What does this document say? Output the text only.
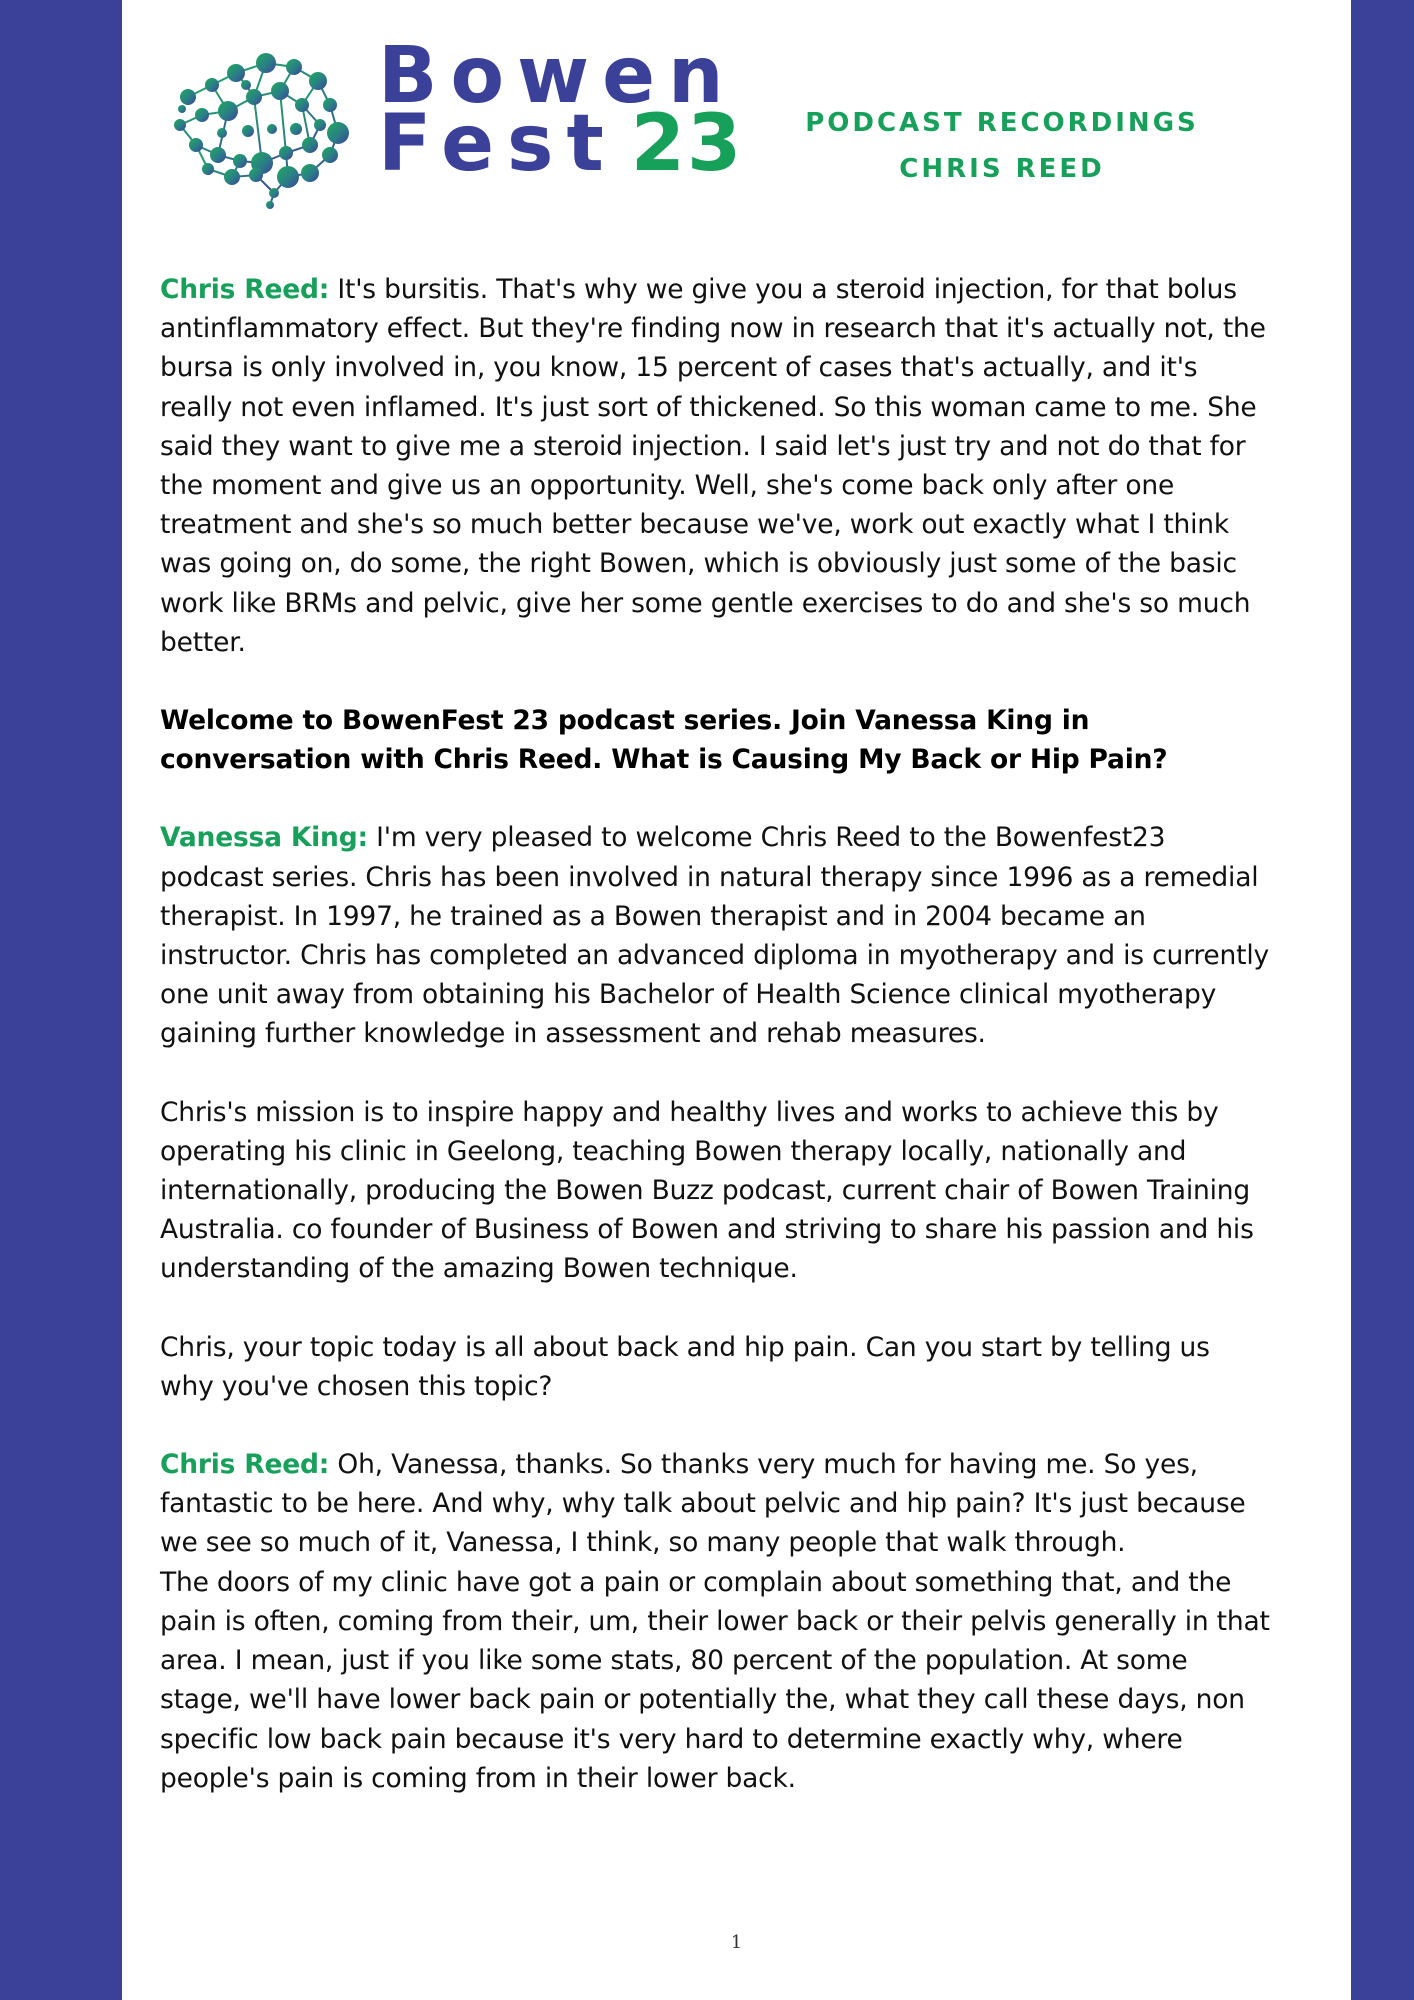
Bowen
Fest 23	PODCAST RECORDINGS
CHRIS REED

Chris Reed: It's bursitis. That's why we give you a steroid injection, for that bolus antinflammatory effect. But they're finding now in research that it's actually not, the bursa is only involved in, you know, 15 percent of cases that's actually, and it's really not even inflamed. It's just sort of thickened. So this woman came to me. She said they want to give me a steroid injection. I said let's just try and not do that for the moment and give us an opportunity. Well, she's come back only after one treatment and she's so much better because we've, work out exactly what I think was going on, do some, the right Bowen, which is obviously just some of the basic work like BRMs and pelvic, give her some gentle exercises to do and she's so much better.

Welcome to BowenFest 23 podcast series. Join Vanessa King in conversation with Chris Reed. What is Causing My Back or Hip Pain?

Vanessa King: I'm very pleased to welcome Chris Reed to the Bowenfest23 podcast series. Chris has been involved in natural therapy since 1996 as a remedial therapist. In 1997, he trained as a Bowen therapist and in 2004 became an instructor. Chris has completed an advanced diploma in myotherapy and is currently one unit away from obtaining his Bachelor of Health Science clinical myotherapy gaining further knowledge in assessment and rehab measures.

Chris's mission is to inspire happy and healthy lives and works to achieve this by operating his clinic in Geelong, teaching Bowen therapy locally, nationally and internationally, producing the Bowen Buzz podcast, current chair of Bowen Training Australia. co founder of Business of Bowen and striving to share his passion and his understanding of the amazing Bowen technique.

Chris, your topic today is all about back and hip pain. Can you start by telling us why you've chosen this topic?

Chris Reed: Oh, Vanessa, thanks. So thanks very much for having me. So yes, fantastic to be here. And why, why talk about pelvic and hip pain? It's just because we see so much of it, Vanessa, I think, so many people that walk through.

The doors of my clinic have got a pain or complain about something that, and the pain is often, coming from their, um, their lower back or their pelvis generally in that area. I mean, just if you like some stats, 80 percent of the population. At some stage, we'll have lower back pain or potentially the, what they call these days, non specific low back pain because it's very hard to determine exactly why, where people's pain is coming from in their lower back.

1
